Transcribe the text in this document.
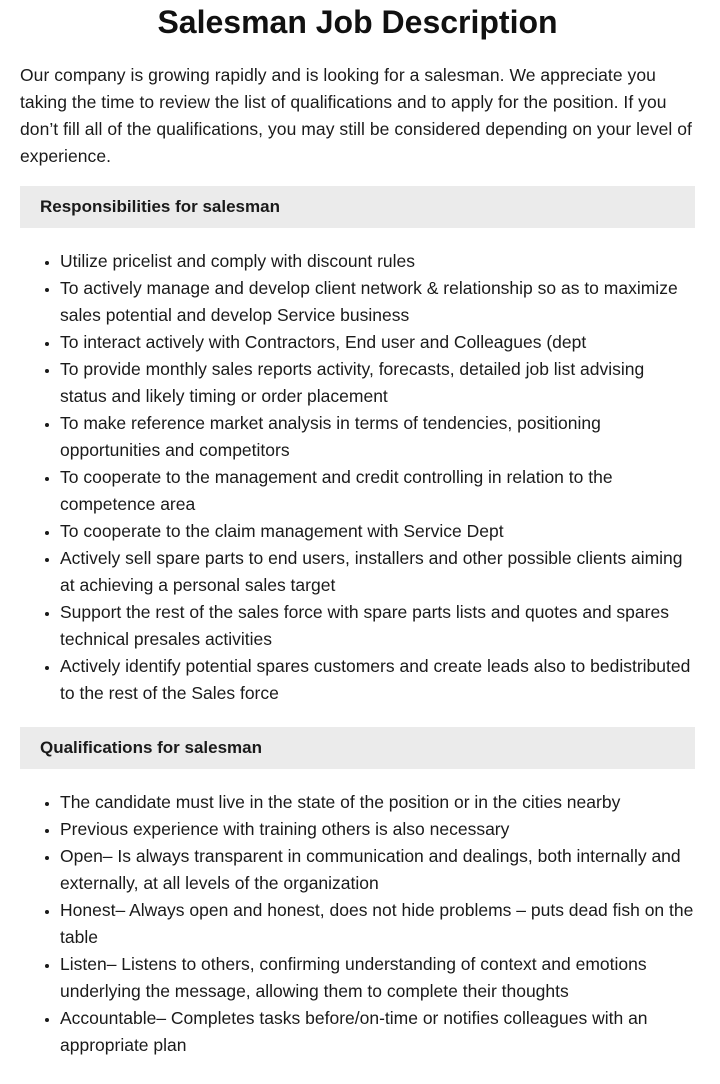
Salesman Job Description

Our company is growing rapidly and is looking for a salesman. We appreciate you taking the time to review the list of qualifications and to apply for the position. If you don’t fill all of the qualifications, you may still be considered depending on your level of experience.

Responsibilities for salesman
• Utilize pricelist and comply with discount rules
• To actively manage and develop client network & relationship so as to maximize sales potential and develop Service business
• To interact actively with Contractors, End user and Colleagues (dept
• To provide monthly sales reports activity, forecasts, detailed job list advising status and likely timing or order placement
• To make reference market analysis in terms of tendencies, positioning opportunities and competitors
• To cooperate to the management and credit controlling in relation to the competence area
• To cooperate to the claim management with Service Dept
• Actively sell spare parts to end users, installers and other possible clients aiming at achieving a personal sales target
• Support the rest of the sales force with spare parts lists and quotes and spares technical presales activities
• Actively identify potential spares customers and create leads also to bedistributed to the rest of the Sales force
Qualifications for salesman
• The candidate must live in the state of the position or in the cities nearby
• Previous experience with training others is also necessary
• Open– Is always transparent in communication and dealings, both internally and externally, at all levels of the organization
• Honest– Always open and honest, does not hide problems – puts dead fish on the table
• Listen– Listens to others, confirming understanding of context and emotions underlying the message, allowing them to complete their thoughts
• Accountable– Completes tasks before/on-time or notifies colleagues with an appropriate plan
